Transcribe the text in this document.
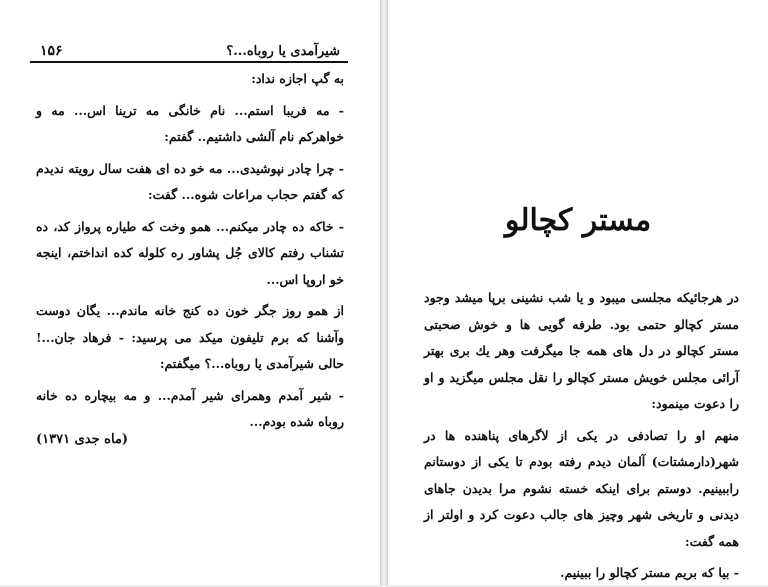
شیرآمدی یا روباه...؟
۱۵۶

به گپ اجازه نداد:

- مه فریبا استم... نام خانگی مه ترینا اس... مه و خواهرکم نام آلشی داشتیم.. گفتم:

- چرا چادر نپوشیدی... مه خو ده ای هفت سال رویته ندیدم که گفتم حجاب مراعات شوه... گفت:

- خاکه ده چادر میکنم... همو وخت که طیاره پرواز کد، ده تشناب رفتم کالای جُل پشاور ره کلوله کده انداختم، اینجه خو اروپا اس...

از همو روز جگر خون ده کنج خانه ماندم... یگان دوست وآشنا که برم تلیفون میکد می پرسید: - فرهاد جان...! حالی شیرآمدی یا روباه...؟ میگفتم:

- شیر آمدم وهمرای شیر آمدم... و مه بیچاره ده خانه روباه شده بودم...

(ماه جدی ۱۳۷۱)
مستر کچالو

در هرجائیکه مجلسی میبود و یا شب نشینی برپا میشد وجود مستر کچالو حتمی بود. طرفه گویی ها و خوش صحبتی مستر کچالو در دل های همه جا میگرفت وهر یك بری بهتر آرائی مجلس خویش مستر کچالو را نقل مجلس میگزید و او را دعوت مینمود:

منهم او را تصادفی در یکی از لاگرهای پناهنده ها در شهر(دارمشتات) آلمان دیدم رفته بودم تا یکی از دوستانم راببینیم. دوستم برای اینکه خسته نشوم مرا بدیدن جاهای دیدنی و تاریخی شهر وچیز های جالب دعوت کرد و اولتر از همه گفت:

- بیا که بریم مستر کچالو را ببینیم.
